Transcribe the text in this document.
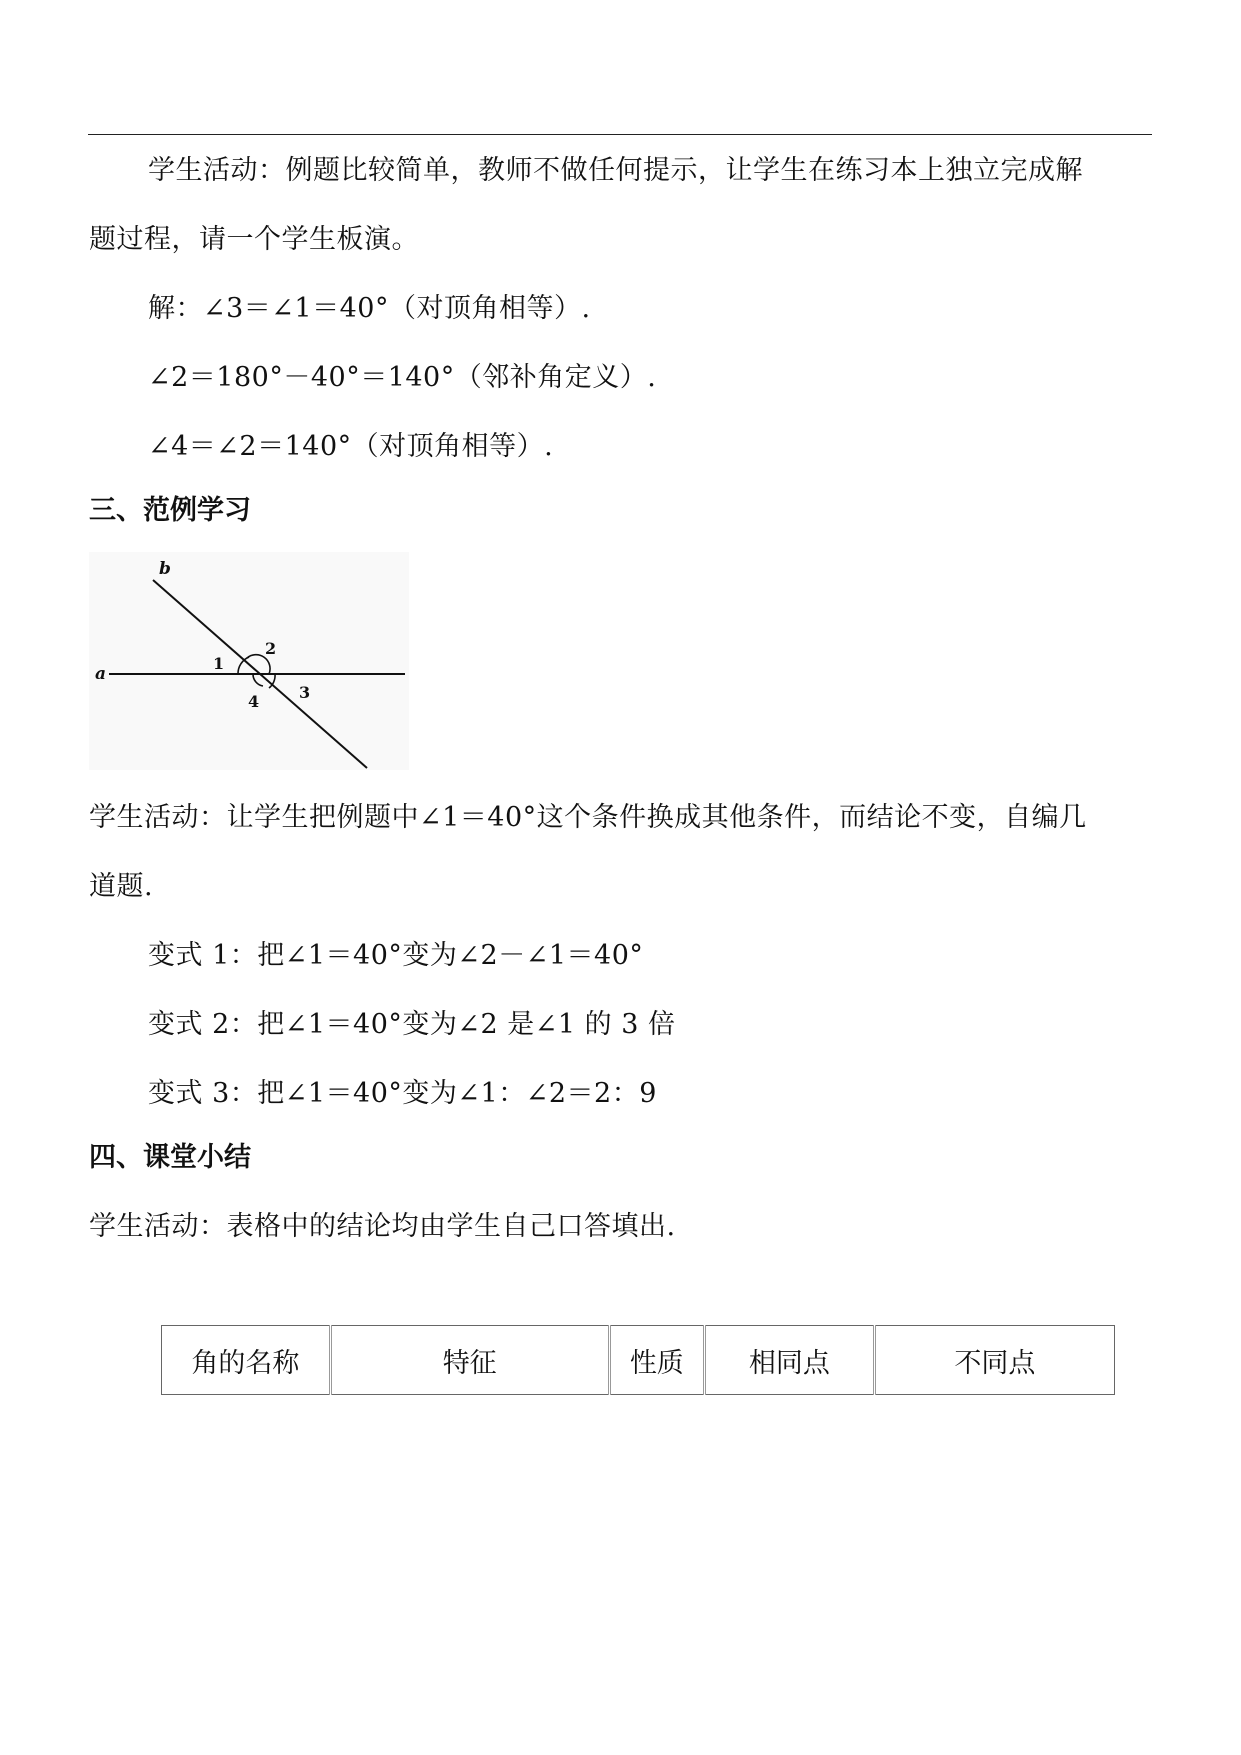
学生活动：例题比较简单，教师不做任何提示，让学生在练习本上独立完成解
题过程，请一个学生板演。
解：∠3＝∠1＝40°（对顶角相等）.
∠2＝180°－40°＝140°（邻补角定义）.
∠4＝∠2＝140°（对顶角相等）.
三、范例学习
a
b
1
2
3
4
学生活动：让学生把例题中∠1＝40°这个条件换成其他条件，而结论不变，自编几
道题.
变式 1：把∠1＝40°变为∠2－∠1＝40°
变式 2：把∠1＝40°变为∠2 是∠1 的 3 倍
变式 3：把∠1＝40°变为∠1：∠2＝2：9
四、课堂小结
学生活动：表格中的结论均由学生自己口答填出.
角的名称	特征	性质	相同点	不同点
